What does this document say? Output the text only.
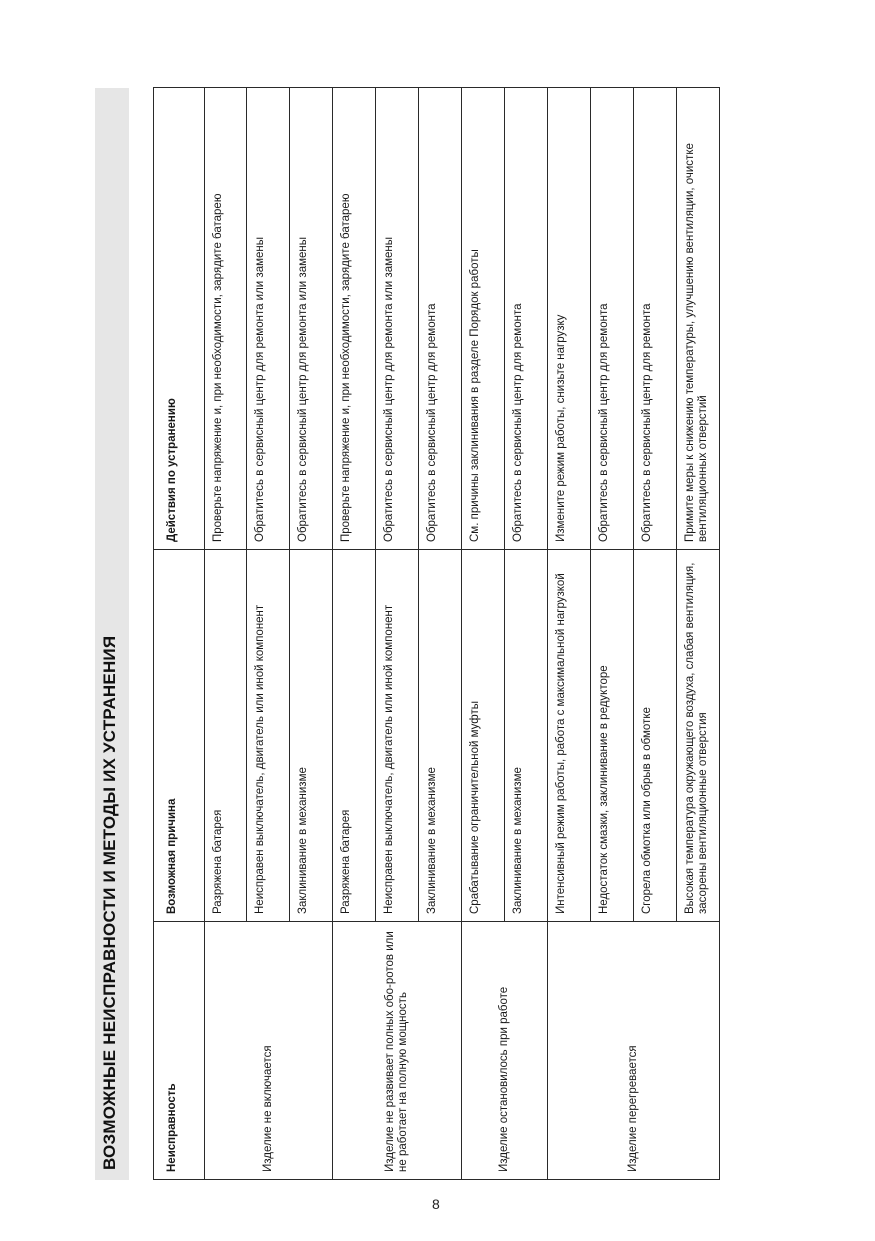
ВОЗМОЖНЫЕ НЕИСПРАВНОСТИ И МЕТОДЫ ИХ УСТРАНЕНИЯ	Неисправность	Возможная причина	Действия по устранению
Изделие не включается	Разряжена батарея	Проверьте напряжение и, при необходимости, зарядите батарею
	Неисправен выключатель, двигатель или иной компонент	Обратитесь в сервисный центр для ремонта или замены
	Заклинивание в механизме	Обратитесь в сервисный центр для ремонта или замены
Изделие не развивает полных обо-ротов или не работает на полную мощность	Разряжена батарея	Проверьте напряжение и, при необходимости, зарядите батарею
	Неисправен выключатель, двигатель или иной компонент	Обратитесь в сервисный центр для ремонта или замены
	Заклинивание в механизме	Обратитесь в сервисный центр для ремонта
Изделие остановилось при работе	Срабатывание ограничительной муфты	См. причины заклинивания в разделе Порядок работы
	Заклинивание в механизме	Обратитесь в сервисный центр для ремонта
Изделие перегревается	Интенсивный режим работы, работа с максимальной нагрузкой	Измените режим работы, снизьте нагрузку
	Недостаток смазки, заклинивание в редукторе	Обратитесь в сервисный центр для ремонта
	Сгорела обмотка или обрыв в обмотке	Обратитесь в сервисный центр для ремонта
	Высокая температура окружающего воздуха, слабая вентиляция, засорены вентиляционные отверстия	Примите меры к снижению температуры, улучшению вентиляции, очистке вентиляционных отверстий
8
